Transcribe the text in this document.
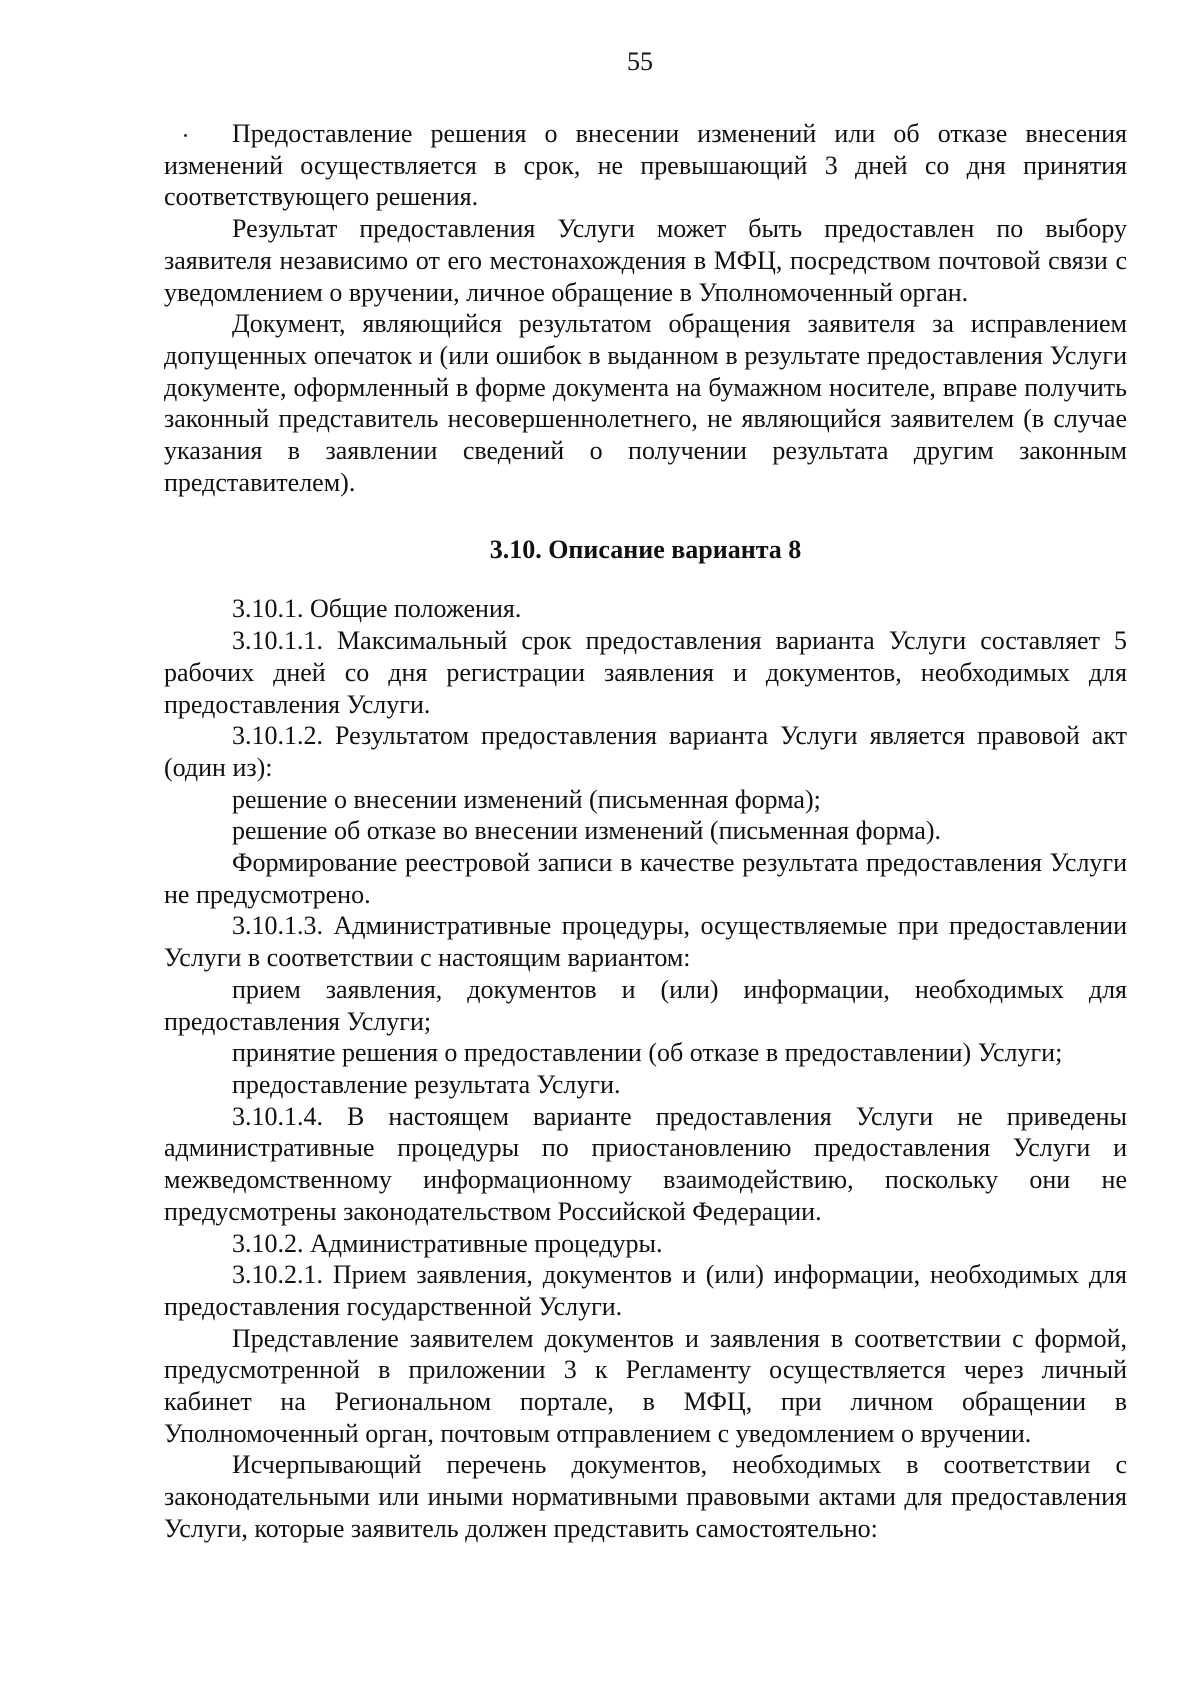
55

Предоставление решения о внесении изменений или об отказе внесения изменений осуществляется в срок, не превышающий 3 дней со дня принятия соответствующего решения.

Результат предоставления Услуги может быть предоставлен по выбору заявителя независимо от его местонахождения в МФЦ, посредством почтовой связи с уведомлением о вручении, личное обращение в Уполномоченный орган.

Документ, являющийся результатом обращения заявителя за исправлением допущенных опечаток и (или ошибок в выданном в результате предоставления Услуги документе, оформленный в форме документа на бумажном носителе, вправе получить законный представитель несовершеннолетнего, не являющийся заявителем (в случае указания в заявлении сведений о получении результата другим законным представителем).

3.10. Описание варианта 8

3.10.1. Общие положения.

3.10.1.1. Максимальный срок предоставления варианта Услуги составляет 5 рабочих дней со дня регистрации заявления и документов, необходимых для предоставления Услуги.

3.10.1.2. Результатом предоставления варианта Услуги является правовой акт (один из):

решение о внесении изменений (письменная форма);

решение об отказе во внесении изменений (письменная форма).

Формирование реестровой записи в качестве результата предоставления Услуги не предусмотрено.

3.10.1.3. Административные процедуры, осуществляемые при предоставлении Услуги в соответствии с настоящим вариантом:

прием заявления, документов и (или) информации, необходимых для предоставления Услуги;

принятие решения о предоставлении (об отказе в предоставлении) Услуги;

предоставление результата Услуги.

3.10.1.4. В настоящем варианте предоставления Услуги не приведены административные процедуры по приостановлению предоставления Услуги и межведомственному информационному взаимодействию, поскольку они не предусмотрены законодательством Российской Федерации.

3.10.2. Административные процедуры.

3.10.2.1. Прием заявления, документов и (или) информации, необходимых для предоставления государственной Услуги.

Представление заявителем документов и заявления в соответствии с формой, предусмотренной в приложении 3 к Регламенту осуществляется через личный кабинет на Региональном портале, в МФЦ, при личном обращении в Уполномоченный орган, почтовым отправлением с уведомлением о вручении.

Исчерпывающий перечень документов, необходимых в соответствии с законодательными или иными нормативными правовыми актами для предоставления Услуги, которые заявитель должен представить самостоятельно:
